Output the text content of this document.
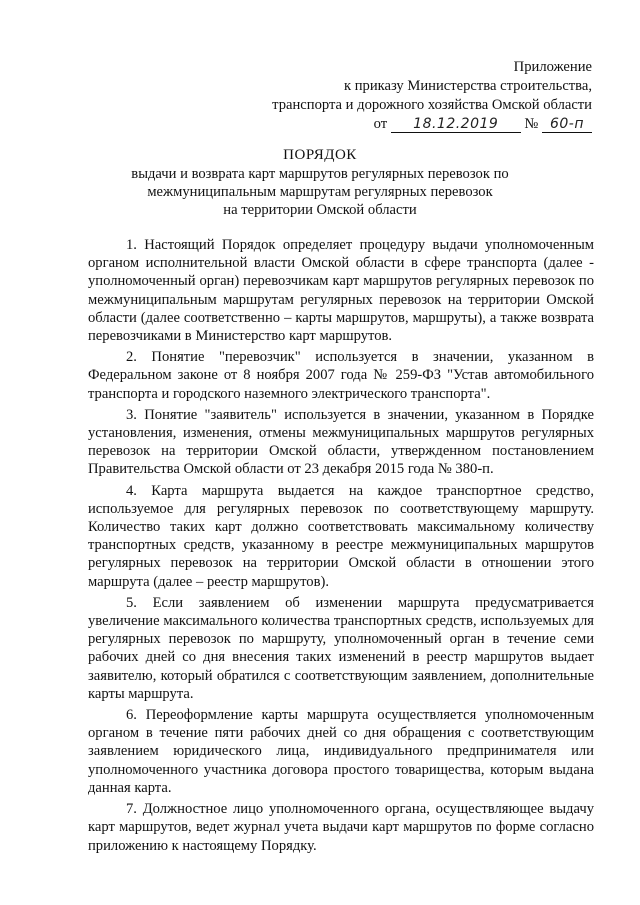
Приложение
к приказу Министерства строительства,
транспорта и дорожного хозяйства Омской области
от 18.12.2019 № 60-п
ПОРЯДОК
выдачи и возврата карт маршрутов регулярных перевозок по
межмуниципальным маршрутам регулярных перевозок
на территории Омской области

1. Настоящий Порядок определяет процедуру выдачи уполномоченным органом исполнительной власти Омской области в сфере транспорта (далее - уполномоченный орган) перевозчикам карт маршрутов регулярных перевозок по межмуниципальным маршрутам регулярных перевозок на территории Омской области (далее соответственно – карты маршрутов, маршруты), а также возврата перевозчиками в Министерство карт маршрутов.

2. Понятие "перевозчик" используется в значении, указанном в Федеральном законе от 8 ноября 2007 года № 259-ФЗ "Устав автомобильного транспорта и городского наземного электрического транспорта".

3. Понятие "заявитель" используется в значении, указанном в Порядке установления, изменения, отмены межмуниципальных маршрутов регулярных перевозок на территории Омской области, утвержденном постановлением Правительства Омской области от 23 декабря 2015 года № 380-п.

4. Карта маршрута выдается на каждое транспортное средство, используемое для регулярных перевозок по соответствующему маршруту. Количество таких карт должно соответствовать максимальному количеству транспортных средств, указанному в реестре межмуниципальных маршрутов регулярных перевозок на территории Омской области в отношении этого маршрута (далее – реестр маршрутов).

5. Если заявлением об изменении маршрута предусматривается увеличение максимального количества транспортных средств, используемых для регулярных перевозок по маршруту, уполномоченный орган в течение семи рабочих дней со дня внесения таких изменений в реестр маршрутов выдает заявителю, который обратился с соответствующим заявлением, дополнительные карты маршрута.

6. Переоформление карты маршрута осуществляется уполномоченным органом в течение пяти рабочих дней со дня обращения с соответствующим заявлением юридического лица, индивидуального предпринимателя или уполномоченного участника договора простого товарищества, которым выдана данная карта.

7. Должностное лицо уполномоченного органа, осуществляющее выдачу карт маршрутов, ведет журнал учета выдачи карт маршрутов по форме согласно приложению к настоящему Порядку.
